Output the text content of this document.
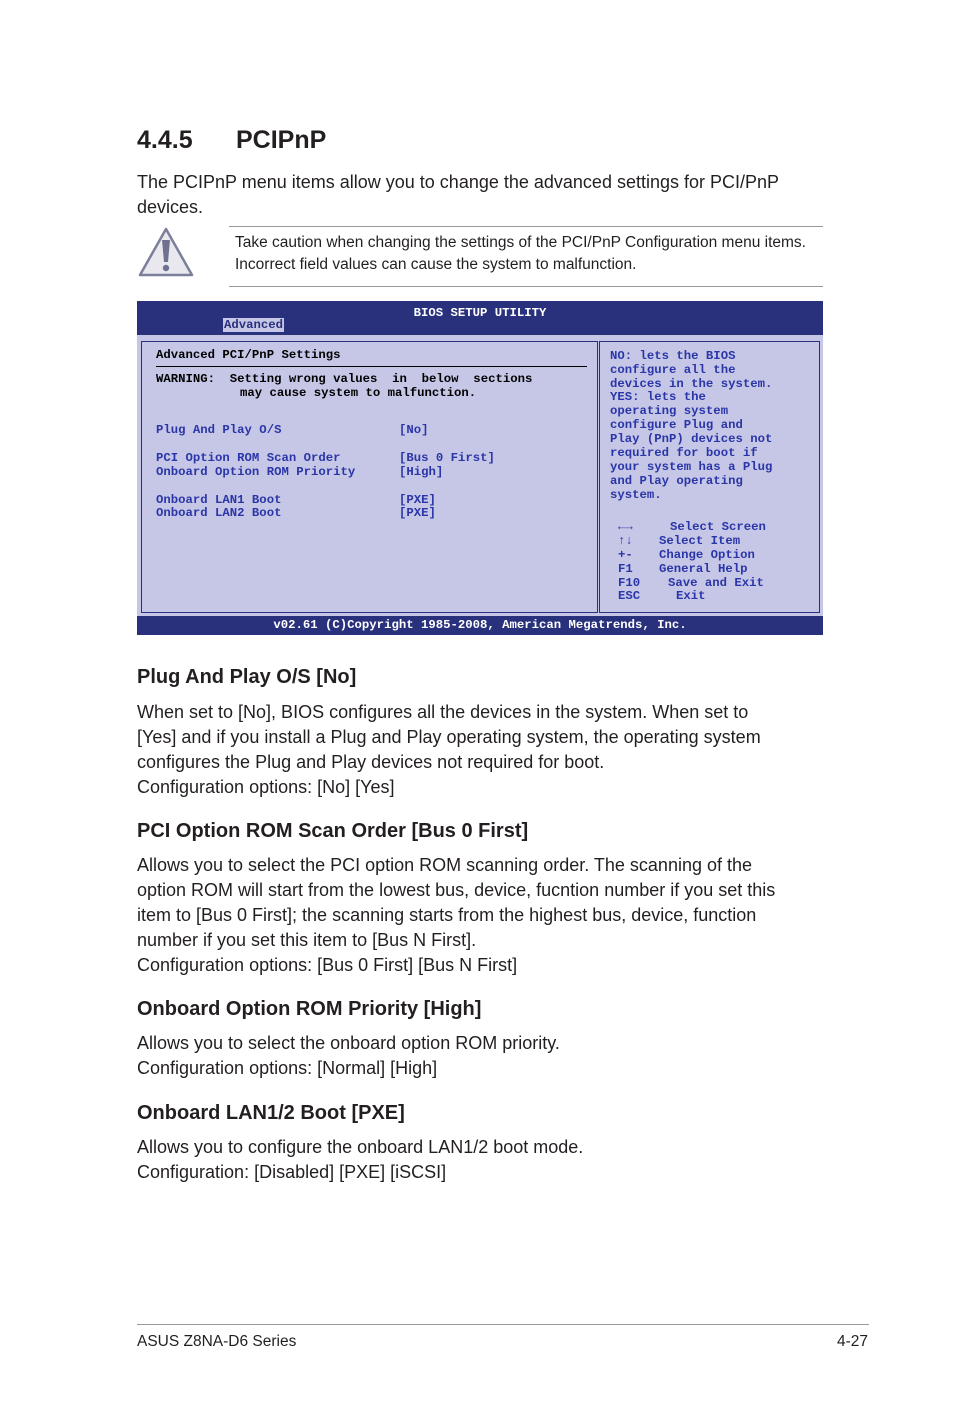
4.4.5 PCIPnP

The PCIPnP menu items allow you to change the advanced settings for PCI/PnP devices.

Take caution when changing the settings of the PCI/PnP Configuration menu items. Incorrect field values can cause the system to malfunction.

BIOS SETUP UTILITY
Advanced
Advanced PCI/PnP Settings
WARNING:  Setting wrong values  in  below  sections
may cause system to malfunction.
Plug And Play O/S	[No]
PCI Option ROM Scan Order	[Bus 0 First]
Onboard Option ROM Priority	[High]
Onboard LAN1 Boot	[PXE]
Onboard LAN2 Boot	[PXE]
NO: lets the BIOS
configure all the
devices in the system.
YES: lets the
operating system
configure Plug and
Play (PnP) devices not
required for boot if
your system has a Plug
and Play operating
system.
←→	Select Screen
↑↓ Select Item
+- Change Option
F1 General Help
F10 Save and Exit
ESC	Exit
v02.61 (C)Copyright 1985-2008, American Megatrends, Inc.
Plug And Play O/S [No]

When set to [No], BIOS configures all the devices in the system. When set to
[Yes] and if you install a Plug and Play operating system, the operating system
configures the Plug and Play devices not required for boot.
Configuration options: [No] [Yes]

PCI Option ROM Scan Order [Bus 0 First]

Allows you to select the PCI option ROM scanning order. The scanning of the
option ROM will start from the lowest bus, device, fucntion number if you set this
item to [Bus 0 First]; the scanning starts from the highest bus, device, function
number if you set this item to [Bus N First].
Configuration options: [Bus 0 First] [Bus N First]

Onboard Option ROM Priority [High]

Allows you to select the onboard option ROM priority.
Configuration options: [Normal] [High]

Onboard LAN1/2 Boot [PXE]

Allows you to configure the onboard LAN1/2 boot mode.
Configuration: [Disabled] [PXE] [iSCSI]

ASUS Z8NA-D6 Series	4-27
